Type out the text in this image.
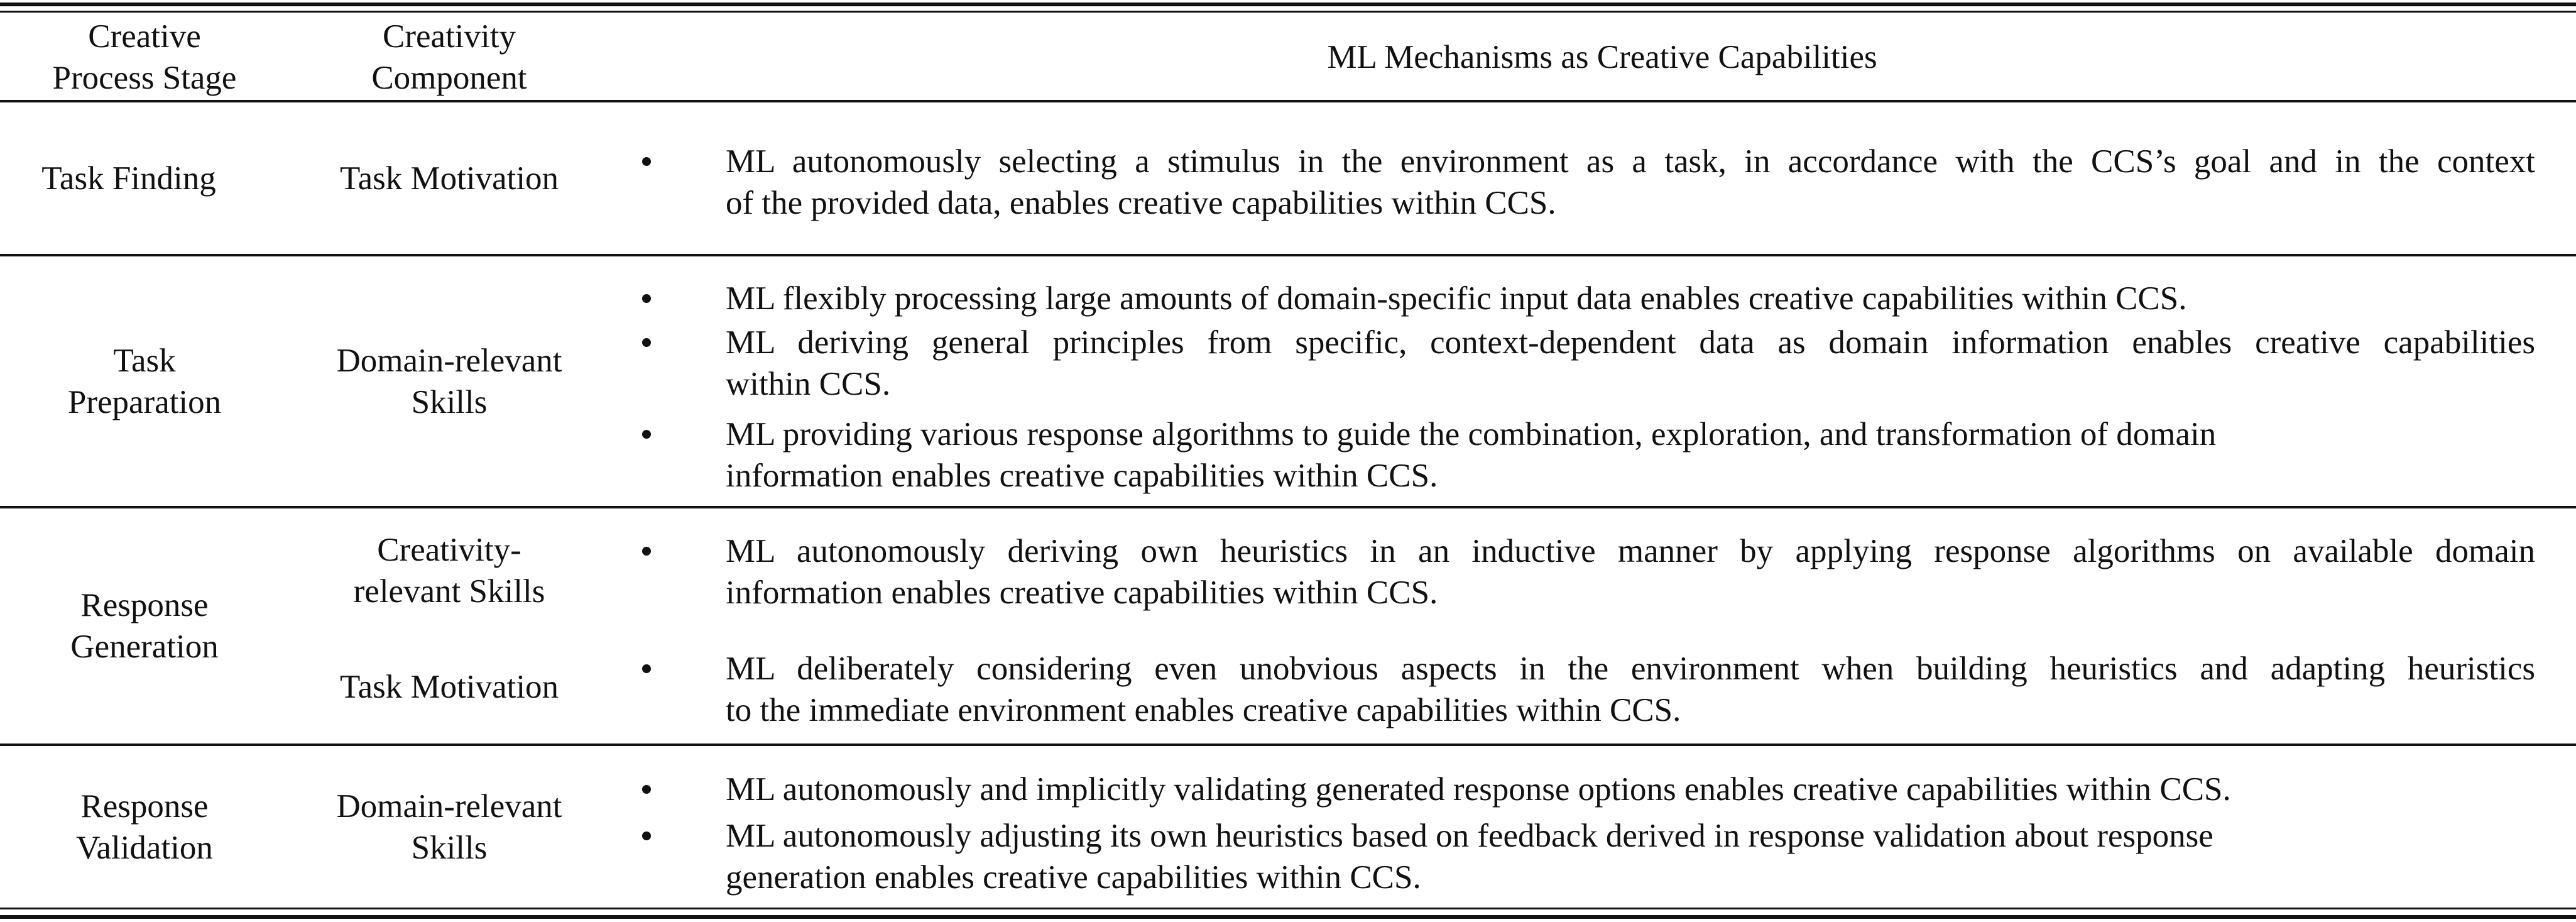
Creative
Process Stage
Creativity
Component
ML Mechanisms as Creative Capabilities
Task Finding	Task Motivation	ML autonomously selecting a stimulus in the environment as a task, in accordance with the CCS’s goal and in the context
of the provided data, enables creative capabilities within CCS.
Task
Preparation
Domain-relevant
Skills
ML flexibly processing large amounts of domain-specific input data enables creative capabilities within CCS.
ML deriving general principles from specific, context-dependent data as domain information enables creative capabilities
within CCS.
ML providing various response algorithms to guide the combination, exploration, and transformation of domain
information enables creative capabilities within CCS.
Response
Generation
Creativity-
relevant Skills
Task Motivation
ML autonomously deriving own heuristics in an inductive manner by applying response algorithms on available domain
information enables creative capabilities within CCS.
ML deliberately considering even unobvious aspects in the environment when building heuristics and adapting heuristics
to the immediate environment enables creative capabilities within CCS.
Response
Validation
Domain-relevant
Skills
ML autonomously and implicitly validating generated response options enables creative capabilities within CCS.
ML autonomously adjusting its own heuristics based on feedback derived in response validation about response
generation enables creative capabilities within CCS.
